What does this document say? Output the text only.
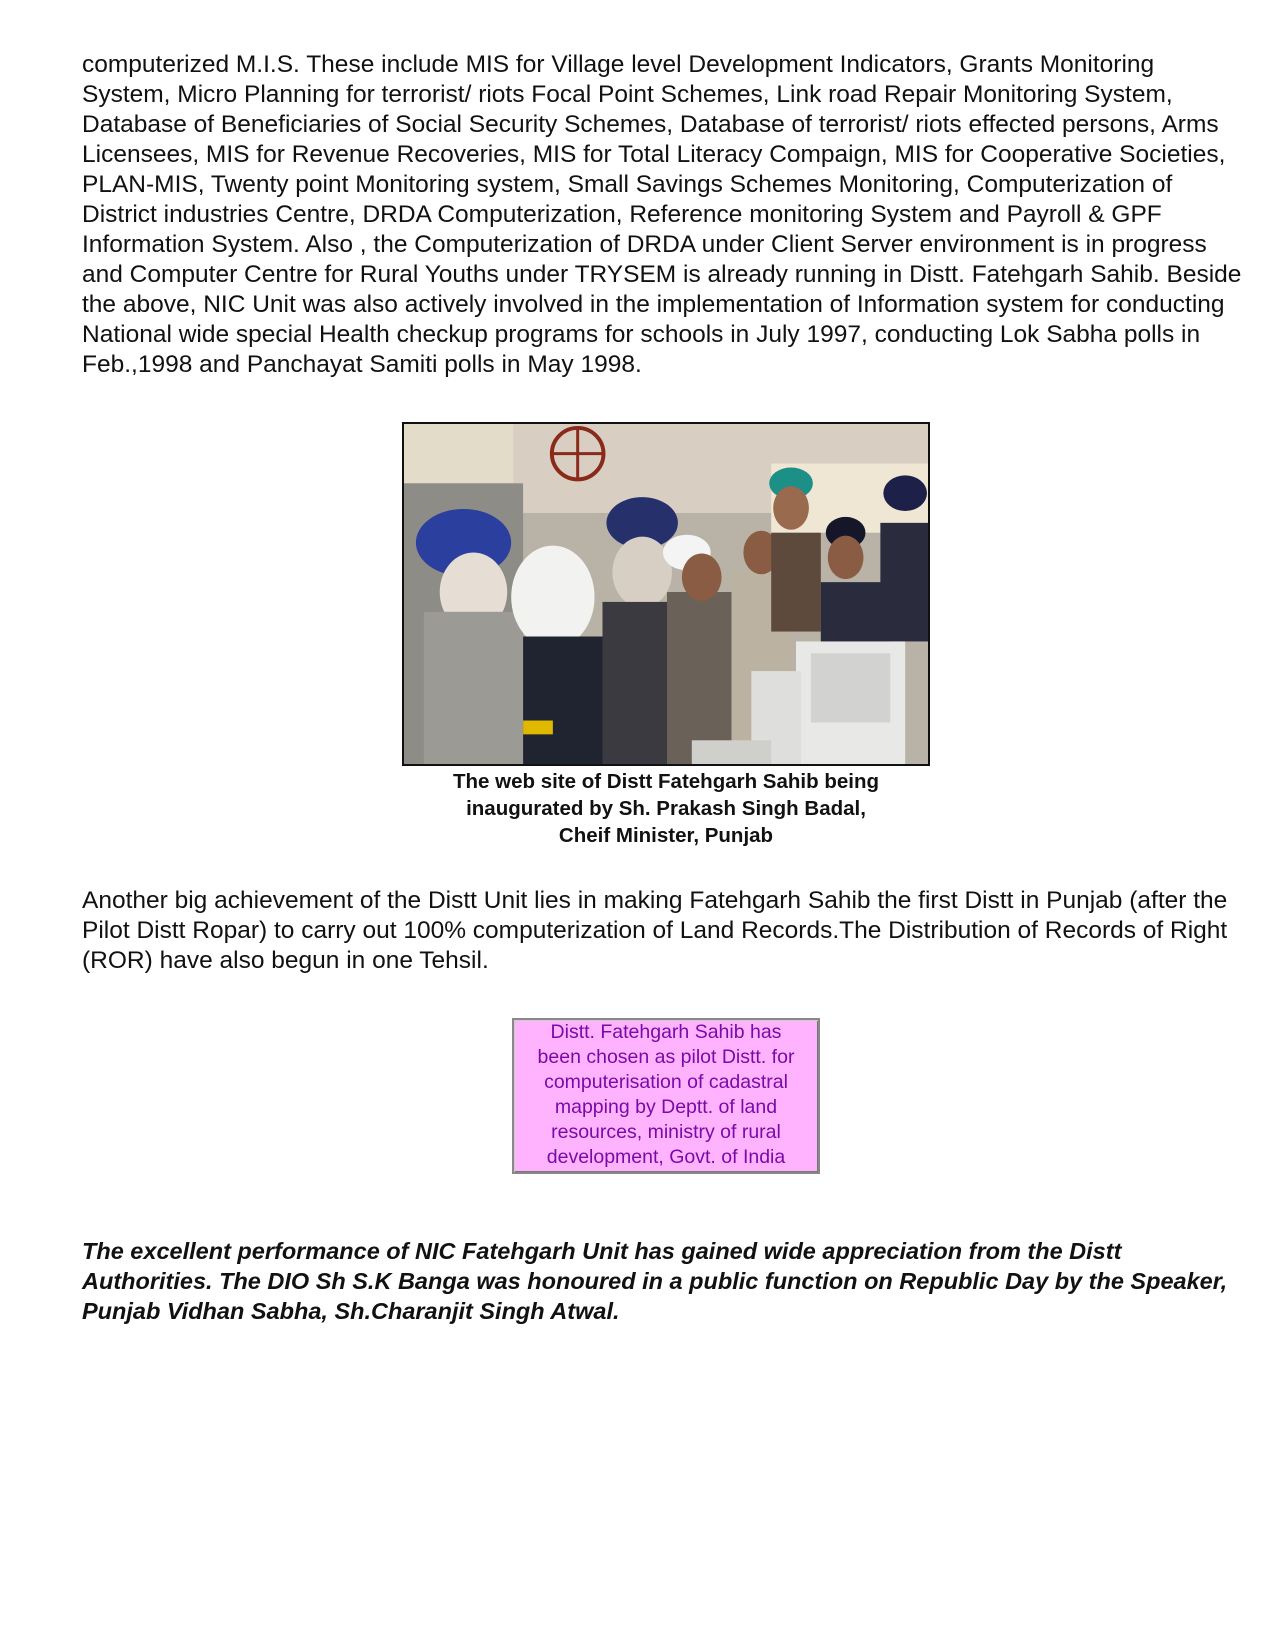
computerized M.I.S. These include MIS for Village level Development Indicators, Grants Monitoring System, Micro Planning for terrorist/ riots Focal Point Schemes, Link road Repair Monitoring System, Database of Beneficiaries of Social Security Schemes, Database of terrorist/ riots effected persons, Arms Licensees, MIS for Revenue Recoveries, MIS for Total Literacy Compaign, MIS for Cooperative Societies, PLAN-MIS, Twenty point Monitoring system, Small Savings Schemes Monitoring, Computerization of District industries Centre, DRDA Computerization, Reference monitoring System and Payroll & GPF Information System. Also , the Computerization of DRDA under Client Server environment is in progress and Computer Centre for Rural Youths under TRYSEM is already running in Distt. Fatehgarh Sahib. Beside the above, NIC Unit was also actively involved in the implementation of Information system for conducting National wide special Health checkup programs for schools in July 1997, conducting Lok Sabha polls in Feb.,1998 and Panchayat Samiti polls in May 1998.
The web site of Distt Fatehgarh Sahib being
inaugurated by Sh. Prakash Singh Badal,
Cheif Minister, Punjab
Another big achievement of the Distt Unit lies in making Fatehgarh Sahib the first Distt in Punjab (after the Pilot Distt Ropar) to carry out 100% computerization of Land Records.The Distribution of Records of Right (ROR) have also begun in one Tehsil.
Distt. Fatehgarh Sahib has
been chosen as pilot Distt. for
computerisation of cadastral
mapping by Deptt. of land
resources, ministry of rural
development, Govt. of India
The excellent performance of NIC Fatehgarh Unit has gained wide appreciation from the Distt Authorities. The DIO Sh S.K Banga was honoured in a public function on Republic Day by the Speaker, Punjab Vidhan Sabha, Sh.Charanjit Singh Atwal.
